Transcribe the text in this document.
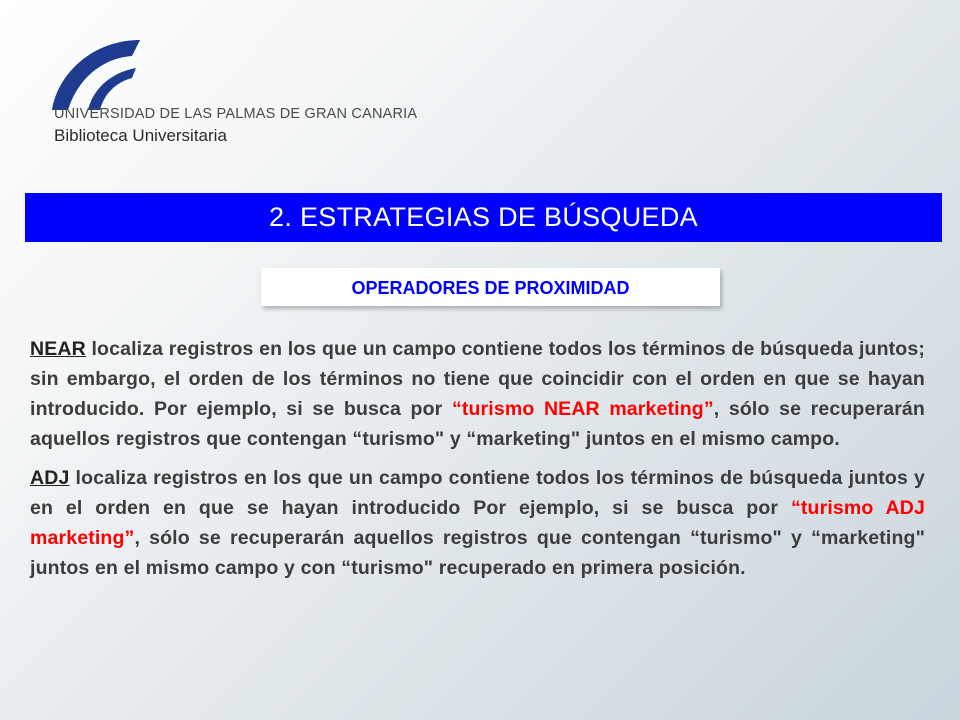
UNIVERSIDAD DE LAS PALMAS DE GRAN CANARIA
Biblioteca Universitaria
2. ESTRATEGIAS DE BÚSQUEDA
OPERADORES DE PROXIMIDAD

NEAR localiza registros en los que un campo contiene todos los términos de búsqueda juntos; sin embargo, el orden de los términos no tiene que coincidir con el orden en que se hayan introducido. Por ejemplo, si se busca por “turismo NEAR marketing”, sólo se recuperarán aquellos registros que contengan “turismo" y “marketing" juntos en el mismo campo.

ADJ localiza registros en los que un campo contiene todos los términos de búsqueda juntos y en el orden en que se hayan introducido Por ejemplo, si se busca por “turismo ADJ marketing”, sólo se recuperarán aquellos registros que contengan “turismo" y “marketing" juntos en el mismo campo y con “turismo" recuperado en primera posición.
